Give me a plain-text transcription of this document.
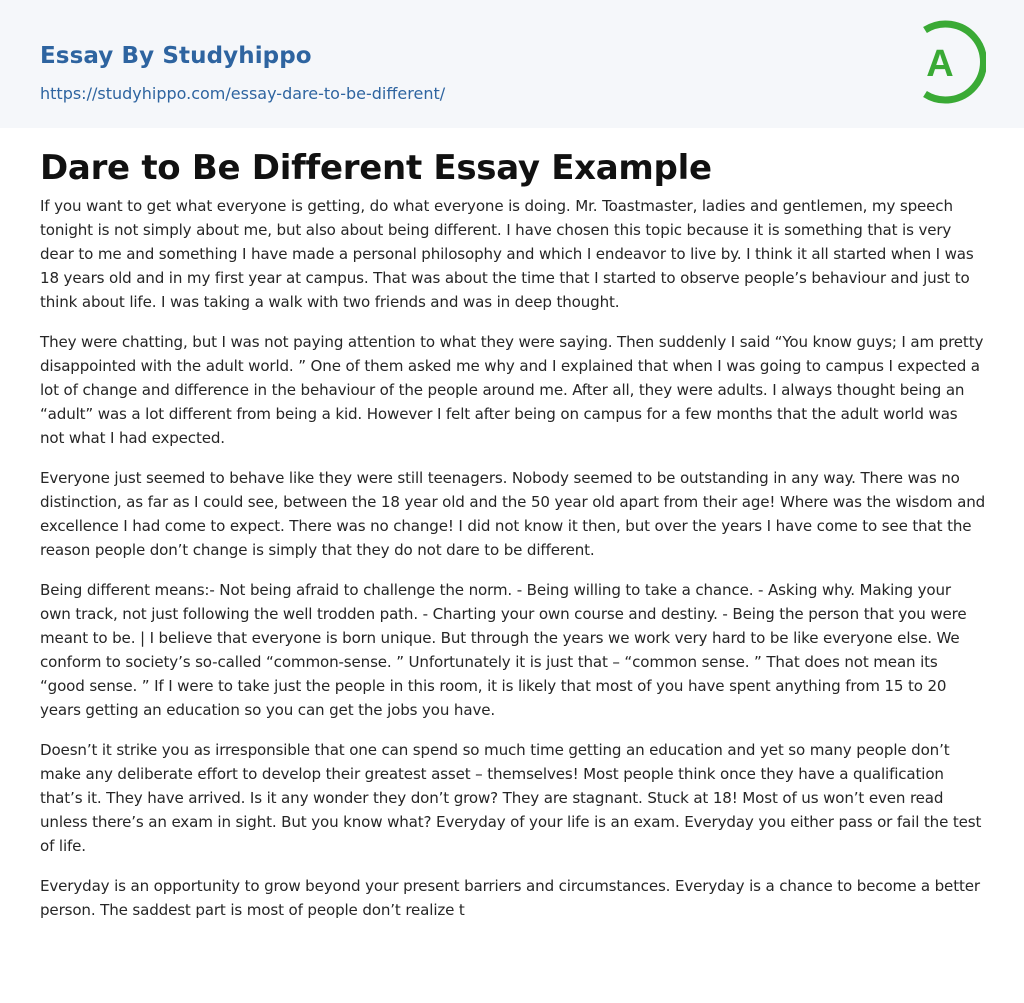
Essay By Studyhippo
https://studyhippo.com/essay-dare-to-be-different/
A
Dare to Be Different Essay Example

If you want to get what everyone is getting, do what everyone is doing. Mr. Toastmaster, ladies and gentlemen, my speech tonight is not simply about me, but also about being different. I have chosen this topic because it is something that is very dear to me and something I have made a personal philosophy and which I endeavor to live by. I think it all started when I was 18 years old and in my first year at campus. That was about the time that I started to observe people’s behaviour and just to think about life. I was taking a walk with two friends and was in deep thought.

They were chatting, but I was not paying attention to what they were saying. Then suddenly I said “You know guys; I am pretty disappointed with the adult world. ” One of them asked me why and I explained that when I was going to campus I expected a lot of change and difference in the behaviour of the people around me. After all, they were adults. I always thought being an “adult” was a lot different from being a kid. However I felt after being on campus for a few months that the adult world was not what I had expected.

Everyone just seemed to behave like they were still teenagers. Nobody seemed to be outstanding in any way. There was no distinction, as far as I could see, between the 18 year old and the 50 year old apart from their age! Where was the wisdom and excellence I had come to expect. There was no change! I did not know it then, but over the years I have come to see that the reason people don’t change is simply that they do not dare to be different.

Being different means:- Not being afraid to challenge the norm. - Being willing to take a chance. - Asking why. Making your own track, not just following the well trodden path. - Charting your own course and destiny. - Being the person that you were meant to be. | I believe that everyone is born unique. But through the years we work very hard to be like everyone else. We conform to society’s so-called “common-sense. ” Unfortunately it is just that – “common sense. ” That does not mean its “good sense. ” If I were to take just the people in this room, it is likely that most of you have spent anything from 15 to 20 years getting an education so you can get the jobs you have.

Doesn’t it strike you as irresponsible that one can spend so much time getting an education and yet so many people don’t make any deliberate effort to develop their greatest asset – themselves! Most people think once they have a qualification that’s it. They have arrived. Is it any wonder they don’t grow? They are stagnant. Stuck at 18! Most of us won’t even read unless there’s an exam in sight. But you know what? Everyday of your life is an exam. Everyday you either pass or fail the test of life.

Everyday is an opportunity to grow beyond your present barriers and circumstances. Everyday is a chance to become a better person. The saddest part is most of people don’t realize t
